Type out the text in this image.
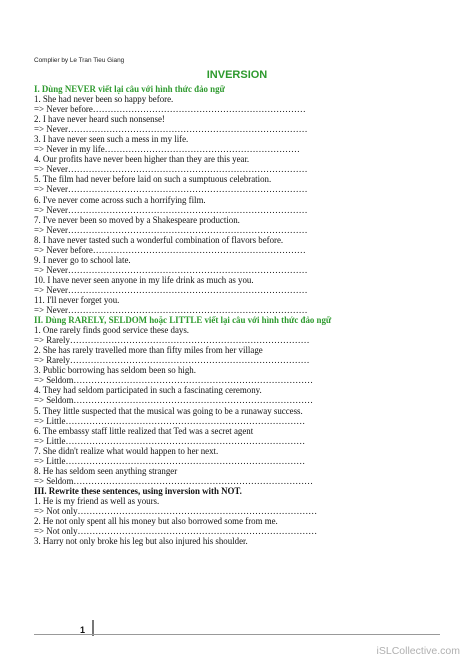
Complier by Le Tran Tieu Giang
INVERSION
I. Dùng NEVER viết lại câu với hình thức đảo ngữ
1. She had never been so happy before.
=> Never before………………………………………………………………
2. I have never heard such nonsense!
=> Never………………………………………………………………………
3. I have never seen such a mess in my life.
=> Never in my life…………………………………………………………
4. Our profits have never been higher than they are this year.
=> Never………………………………………………………………………
5. The film had never before laid on such a sumptuous celebration.
=> Never………………………………………………………………………
6. I've never come across such a horrifying film.
=> Never………………………………………………………………………
7. I've never been so moved by a Shakespeare production.
=> Never………………………………………………………………………
8. I have never tasted such a wonderful combination of flavors before.
=> Never before………………………………………………………………
9. I never go to school late.
=> Never………………………………………………………………………
10. I have never seen anyone in my life drink as much as you.
=> Never………………………………………………………………………
11. I'll never forget you.
=> Never………………………………………………………………………
II. Dùng RARELY, SELDOM hoặc LITTLE viết lại câu với hình thức đảo ngữ
1. One rarely finds good service these days.
=> Rarely………………………………………………………………………
2. She has rarely travelled more than fifty miles from her village
=> Rarely………………………………………………………………………
3. Public borrowing has seldom been so high.
=> Seldom………………………………………………………………………
4. They had seldom participated in such a fascinating ceremony.
=> Seldom………………………………………………………………………
5. They little suspected that the musical was going to be a runaway success.
=> Little………………………………………………………………………
6. The embassy staff little realized that Ted was a secret agent
=> Little………………………………………………………………………
7. She didn't realize what would happen to her next.
=> Little………………………………………………………………………
8. He has seldom seen anything stranger
=> Seldom………………………………………………………………………
III. Rewrite these sentences, using inversion with NOT.
1. He is my friend as well as yours.
=> Not only………………………………………………………………………
2. He not only spent all his money but also borrowed some from me.
=> Not only………………………………………………………………………
3. Harry not only broke his leg but also injured his shoulder.
1
iSLCollective.com
